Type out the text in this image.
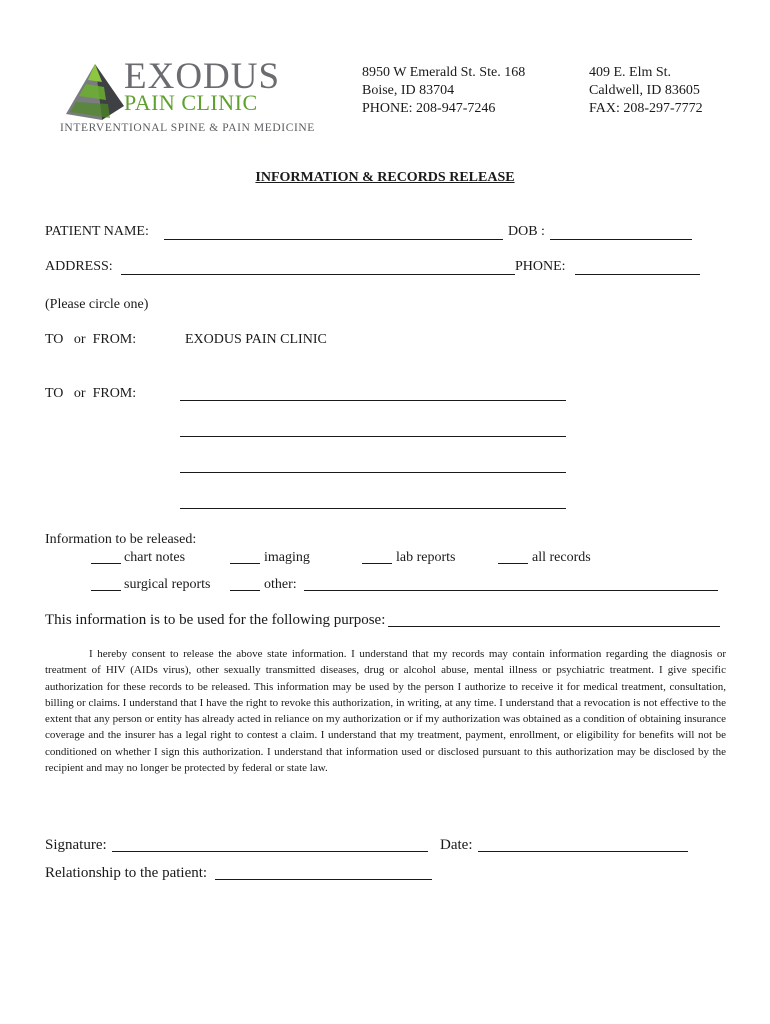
EXODUS
PAIN CLINIC
INTERVENTIONAL SPINE & PAIN MEDICINE
8950 W Emerald St. Ste. 168
Boise, ID 83704
PHONE: 208-947-7246
409 E. Elm St.
Caldwell, ID 83605
FAX: 208-297-7772
INFORMATION & RECORDS RELEASE
PATIENT NAME:	DOB :
ADDRESS:	PHONE:
(Please circle one)
TO   or  FROM:	EXODUS PAIN CLINIC
TO   or  FROM:
Information to be released:
chart notes	imaging	lab reports	all records
surgical reports	other:
This information is to be used for the following purpose:
I hereby consent to release the above state information. I understand that my records may contain information regarding the diagnosis or treatment of HIV (AIDs virus), other sexually transmitted diseases, drug or alcohol abuse, mental illness or psychiatric treatment. I give specific authorization for these records to be released. This information may be used by the person I authorize to receive it for medical treatment, consultation, billing or claims. I understand that I have the right to revoke this authorization, in writing, at any time. I understand that a revocation is not effective to the extent that any person or entity has already acted in reliance on my authorization or if my authorization was obtained as a condition of obtaining insurance coverage and the insurer has a legal right to contest a claim. I understand that my treatment, payment, enrollment, or eligibility for benefits will not be conditioned on whether I sign this authorization. I understand that information used or disclosed pursuant to this authorization may be disclosed by the recipient and may no longer be protected by federal or state law.
Signature:	Date:
Relationship to the patient:
